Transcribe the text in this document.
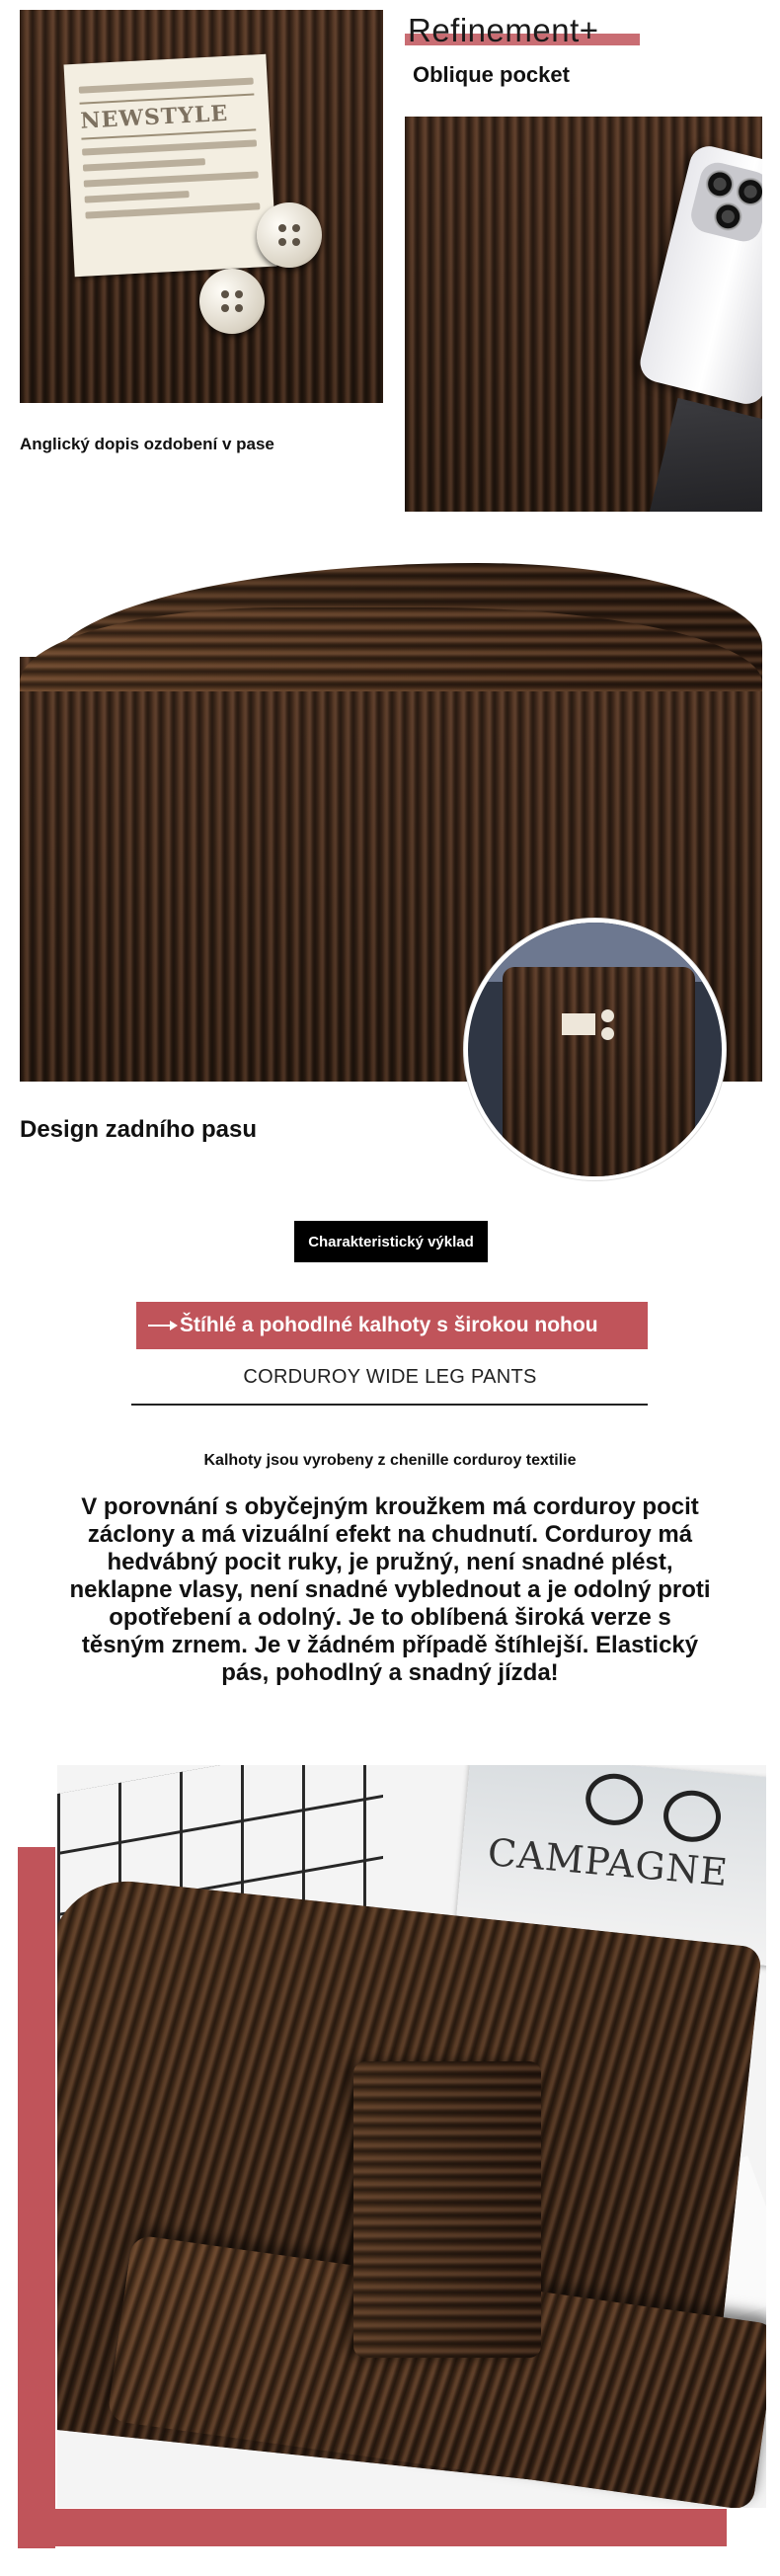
NEWSTYLE
Refinement+
Oblique pocket
Anglický dopis ozdobení v pase
Design zadního pasu
Charakteristický výklad
Štíhlé a pohodlné kalhoty s širokou nohou
CORDUROY WIDE LEG PANTS
Kalhoty jsou vyrobeny z chenille corduroy textilie
V porovnání s obyčejným kroužkem má corduroy pocit záclony a má vizuální efekt na chudnutí. Corduroy má hedvábný pocit ruky, je pružný, není snadné plést, neklapne vlasy, není snadné vyblednout a je odolný proti opotřebení a odolný. Je to oblíbená široká verze s těsným zrnem. Je v žádném případě štíhlejší. Elastický pás, pohodlný a snadný jízda!
CAMPAGNE
